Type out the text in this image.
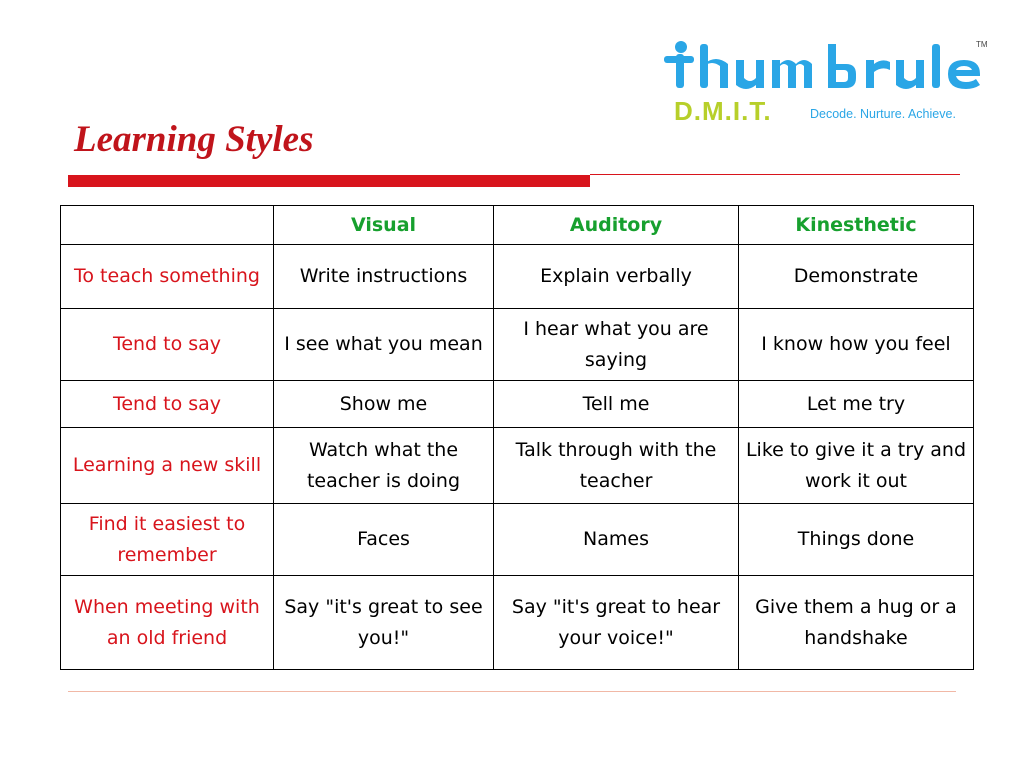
TM
D.M.I.T.	Decode. Nurture. Achieve.
Learning Styles
	Visual	Auditory	Kinesthetic
To teach something	Write instructions	Explain verbally	Demonstrate
Tend to say	I see what you mean	I hear what you are saying	I know how you feel
Tend to say	Show me	Tell me	Let me try
Learning a new skill	Watch what the teacher is doing	Talk through with the teacher	Like to give it a try and work it out
Find it easiest to remember	Faces	Names	Things done
When meeting with an old friend	Say "it's great to see you!"	Say "it's great to hear your voice!"	Give them a hug or a handshake
